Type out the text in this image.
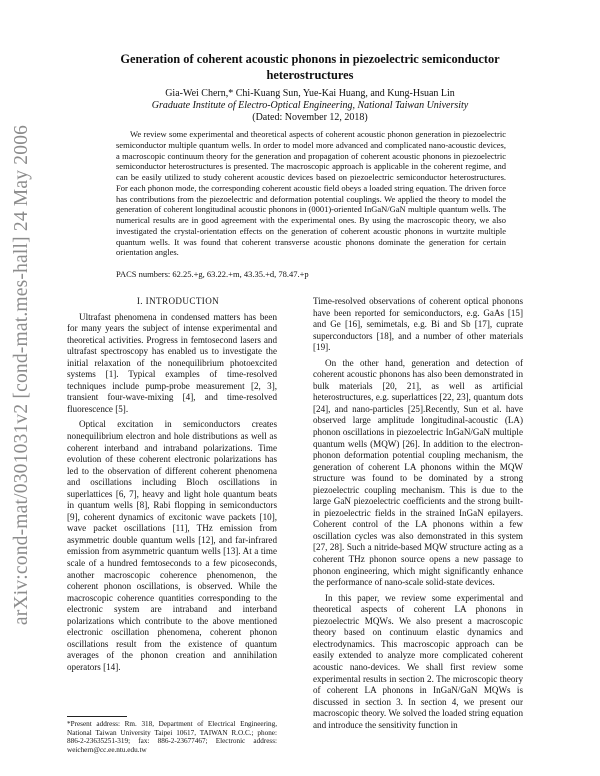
arXiv:cond-mat/0301031v2 [cond-mat.mes-hall] 24 May 2006
Generation of coherent acoustic phonons in piezoelectric semiconductor
heterostructures
Gia-Wei Chern,* Chi-Kuang Sun, Yue-Kai Huang, and Kung-Hsuan Lin
Graduate Institute of Electro-Optical Engineering, National Taiwan University
(Dated: November 12, 2018)

We review some experimental and theoretical aspects of coherent acoustic phonon generation in piezoelectric semiconductor multiple quantum wells. In order to model more advanced and complicated nano-acoustic devices, a macroscopic continuum theory for the generation and propagation of coherent acoustic phonons in piezoelectric semiconductor heterostructures is presented. The macroscopic approach is applicable in the coherent regime, and can be easily utilized to study coherent acoustic devices based on piezoelectric semiconductor heterostructures. For each phonon mode, the corresponding coherent acoustic field obeys a loaded string equation. The driven force has contributions from the piezoelectric and deformation potential couplings. We applied the theory to model the generation of coherent longitudinal acoustic phonons in (0001)-oriented InGaN/GaN multiple quantum wells. The numerical results are in good agreement with the experimental ones. By using the macroscopic theory, we also investigated the crystal-orientation effects on the generation of coherent acoustic phonons in wurtzite multiple quantum wells. It was found that coherent transverse acoustic phonons dominate the generation for certain orientation angles.

PACS numbers: 62.25.+g, 63.22.+m, 43.35.+d, 78.47.+p

I. INTRODUCTION

Ultrafast phenomena in condensed matters has been for many years the subject of intense experimental and theoretical activities. Progress in femtosecond lasers and ultrafast spectroscopy has enabled us to investigate the initial relaxation of the nonequilibrium photoexcited systems [1]. Typical examples of time-resolved techniques include pump-probe measurement [2, 3], transient four-wave-mixing [4], and time-resolved fluorescence [5].

Optical excitation in semiconductors creates nonequilibrium electron and hole distributions as well as coherent interband and intraband polarizations. Time evolution of these coherent electronic polarizations has led to the observation of different coherent phenomena and oscillations including Bloch oscillations in superlattices [6, 7], heavy and light hole quantum beats in quantum wells [8], Rabi flopping in semiconductors [9], coherent dynamics of excitonic wave packets [10], wave packet oscillations [11], THz emission from asymmetric double quantum wells [12], and far-infrared emission from asymmetric quantum wells [13]. At a time scale of a hundred femtoseconds to a few picoseconds, another macroscopic coherence phenomenon, the coherent phonon oscillations, is observed. While the macroscopic coherence quantities corresponding to the electronic system are intraband and interband polarizations which contribute to the above mentioned electronic oscillation phenomena, coherent phonon oscillations result from the existence of quantum averages of the phonon creation and annihilation operators [14].

Time-resolved observations of coherent optical phonons have been reported for semiconductors, e.g. GaAs [15] and Ge [16], semimetals, e.g. Bi and Sb [17], cuprate superconductors [18], and a number of other materials [19].

On the other hand, generation and detection of coherent acoustic phonons has also been demonstrated in bulk materials [20, 21], as well as artificial heterostructures, e.g. superlattices [22, 23], quantum dots [24], and nano-particles [25].Recently, Sun et al. have observed large amplitude longitudinal-acoustic (LA) phonon oscillations in piezoelectric InGaN/GaN multiple quantum wells (MQW) [26]. In addition to the electron-phonon deformation potential coupling mechanism, the generation of coherent LA phonons within the MQW structure was found to be dominated by a strong piezoelectric coupling mechanism. This is due to the large GaN piezoelectric coefficients and the strong built-in piezoelectric fields in the strained InGaN epilayers. Coherent control of the LA phonons within a few oscillation cycles was also demonstrated in this system [27, 28]. Such a nitride-based MQW structure acting as a coherent THz phonon source opens a new passage to phonon engineering, which might significantly enhance the performance of nano-scale solid-state devices.

In this paper, we review some experimental and theoretical aspects of coherent LA phonons in piezoelectric MQWs. We also present a macroscopic theory based on continuum elastic dynamics and electrodynamics. This macroscopic approach can be easily extended to analyze more complicated coherent acoustic nano-devices. We shall first review some experimental results in section 2. The microscopic theory of coherent LA phonons in InGaN/GaN MQWs is discussed in section 3. In section 4, we present our macroscopic theory. We solved the loaded string equation and introduce the sensitivity function in

*Present address: Rm. 318, Department of Electrical Engineering, National Taiwan University Taipei 10617, TAIWAN R.O.C.; phone: 886-2-23635251-319; fax: 886-2-23677467; Electronic address: weichern@cc.ee.ntu.edu.tw
